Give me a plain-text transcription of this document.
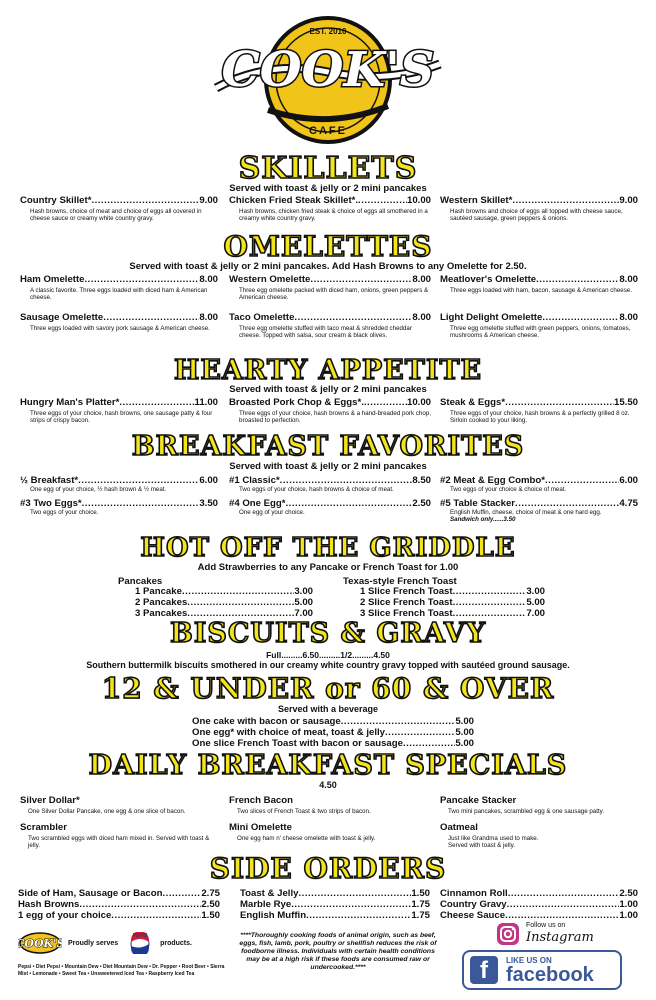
EST. 2010
COOK'S
CAFE
SKILLETS
Served with toast & jelly or 2 mini pancakes
Country Skillet* .....	9.00
Hash browns, choice of meat and choice of eggs all covered in cheese sauce or creamy white country gravy.
Chicken Fried Steak Skillet*. .....	10.00
Hash browns, chicken fried steak & choice of eggs all smothered in a creamy white country gravy.
Western Skillet* .....	9.00
Hash browns and choice of eggs all topped with cheese sauce, sautéed sausage, green peppers & onions.
OMELETTES
Served with toast & jelly or 2 mini pancakes. Add Hash Browns to any Omelette for 2.50.
Ham Omelette .....	8.00
A classic favorite. Three eggs loaded with diced ham & American cheese.
Western Omelette .....	8.00
Three egg omelette packed with diced ham, onions, green peppers & American cheese.
Meatlover's Omelette .....	8.00
Three eggs loaded with ham, bacon, sausage & American cheese.
Sausage Omelette .....	8.00
Three eggs loaded with savory pork sausage & American cheese.
Taco Omelette .....	8.00
Three egg omelette stuffed with taco meat & shredded cheddar cheese. Topped with salsa, sour cream & black olives.
Light Delight Omelette .....	8.00
Three egg omelette stuffed with green peppers, onions, tomatoes, mushrooms & American cheese.
HEARTY APPETITE
Served with toast & jelly or 2 mini pancakes
Hungry Man's Platter* .....	11.00
Three eggs of your choice, hash browns, one sausage patty & four strips of crispy bacon.
Broasted Pork Chop & Eggs*. .....	10.00
Three eggs of your choice, hash browns & a hand-breaded pork chop, broasted to perfection.
Steak & Eggs* .....	15.50
Three eggs of your choice, hash browns & a perfectly grilled 8 oz. Sirloin cooked to your liking.
BREAKFAST FAVORITES
Served with toast & jelly or 2 mini pancakes
½ Breakfast* .....	6.00
One egg of your choice, ½ hash brown & ½ meat.
#1 Classic* .....	8.50
Two eggs of your choice, hash browns & choice of meat.
#2 Meat & Egg Combo* .....	6.00
Two eggs of your choice & choice of meat.
#3 Two Eggs* .....	3.50
Two eggs of your choice.
#4 One Egg* .....	2.50
One egg of your choice.
#5 Table Stacker .....	4.75
English Muffin, cheese, choice of meat & one hard egg.
Sandwich only......3.50
HOT OFF THE GRIDDLE
Add Strawberries to any Pancake or French Toast for 1.00
Pancakes
1 Pancake .....	3.00
2 Pancakes .....	5.00
3 Pancakes .....	7.00
Texas-style French Toast
1 Slice French Toast .....	3.00
2 Slice French Toast .....	5.00
3 Slice French Toast .....	7.00
BISCUITS & GRAVY
Full.........6.50.........1/2.........4.50
Southern buttermilk biscuits smothered in our creamy white country gravy topped with sautéed ground sausage.
12 & UNDER or 60 & OVER
Served with a beverage
One cake with bacon or sausage .....	5.00
One egg* with choice of meat, toast & jelly .....	5.00
One slice French Toast with bacon or sausage .....	5.00
DAILY BREAKFAST SPECIALS
4.50
Silver Dollar*
One Silver Dollar Pancake, one egg & one slice of bacon.
French Bacon
Two slices of French Toast & two strips of bacon.
Pancake Stacker
Two mini pancakes, scrambled egg & one sausage patty.
Scrambler
Two scrambled eggs with diced ham mixed in. Served with toast & jelly.
Mini Omelette
One egg ham n' cheese omelette with toast & jelly.
Oatmeal
Just like Grandma used to make. Served with toast & jelly.
SIDE ORDERS
Side of Ham, Sausage or Bacon .....	2.75
Hash Browns .....	2.50
1 egg of your choice .....	1.50
Toast & Jelly .....	1.50
Marble Rye .....	1.75
English Muffin .....	1.75
Cinnamon Roll .....	2.50
Country Gravy .....	1.00
Cheese Sauce .....	1.00
COOK'S Proudly serves
PEPSI
products.
Pepsi • Diet Pepsi • Mountain Dew • Diet Mountain Dew • Dr. Pepper • Root Beer • Sierra Mist • Lemonade • Sweet Tea • Unsweetened Iced Tea • Raspberry Iced Tea
****Thoroughly cooking foods of animal origin, such as beef, eggs, fish, lamb, pork, poultry or shellfish reduces the risk of foodborne illness. Individuals with certain health conditions may be at a high risk if these foods are consumed raw or undercooked.****
Follow us on
Instagram
f	LIKE US ON
facebook
